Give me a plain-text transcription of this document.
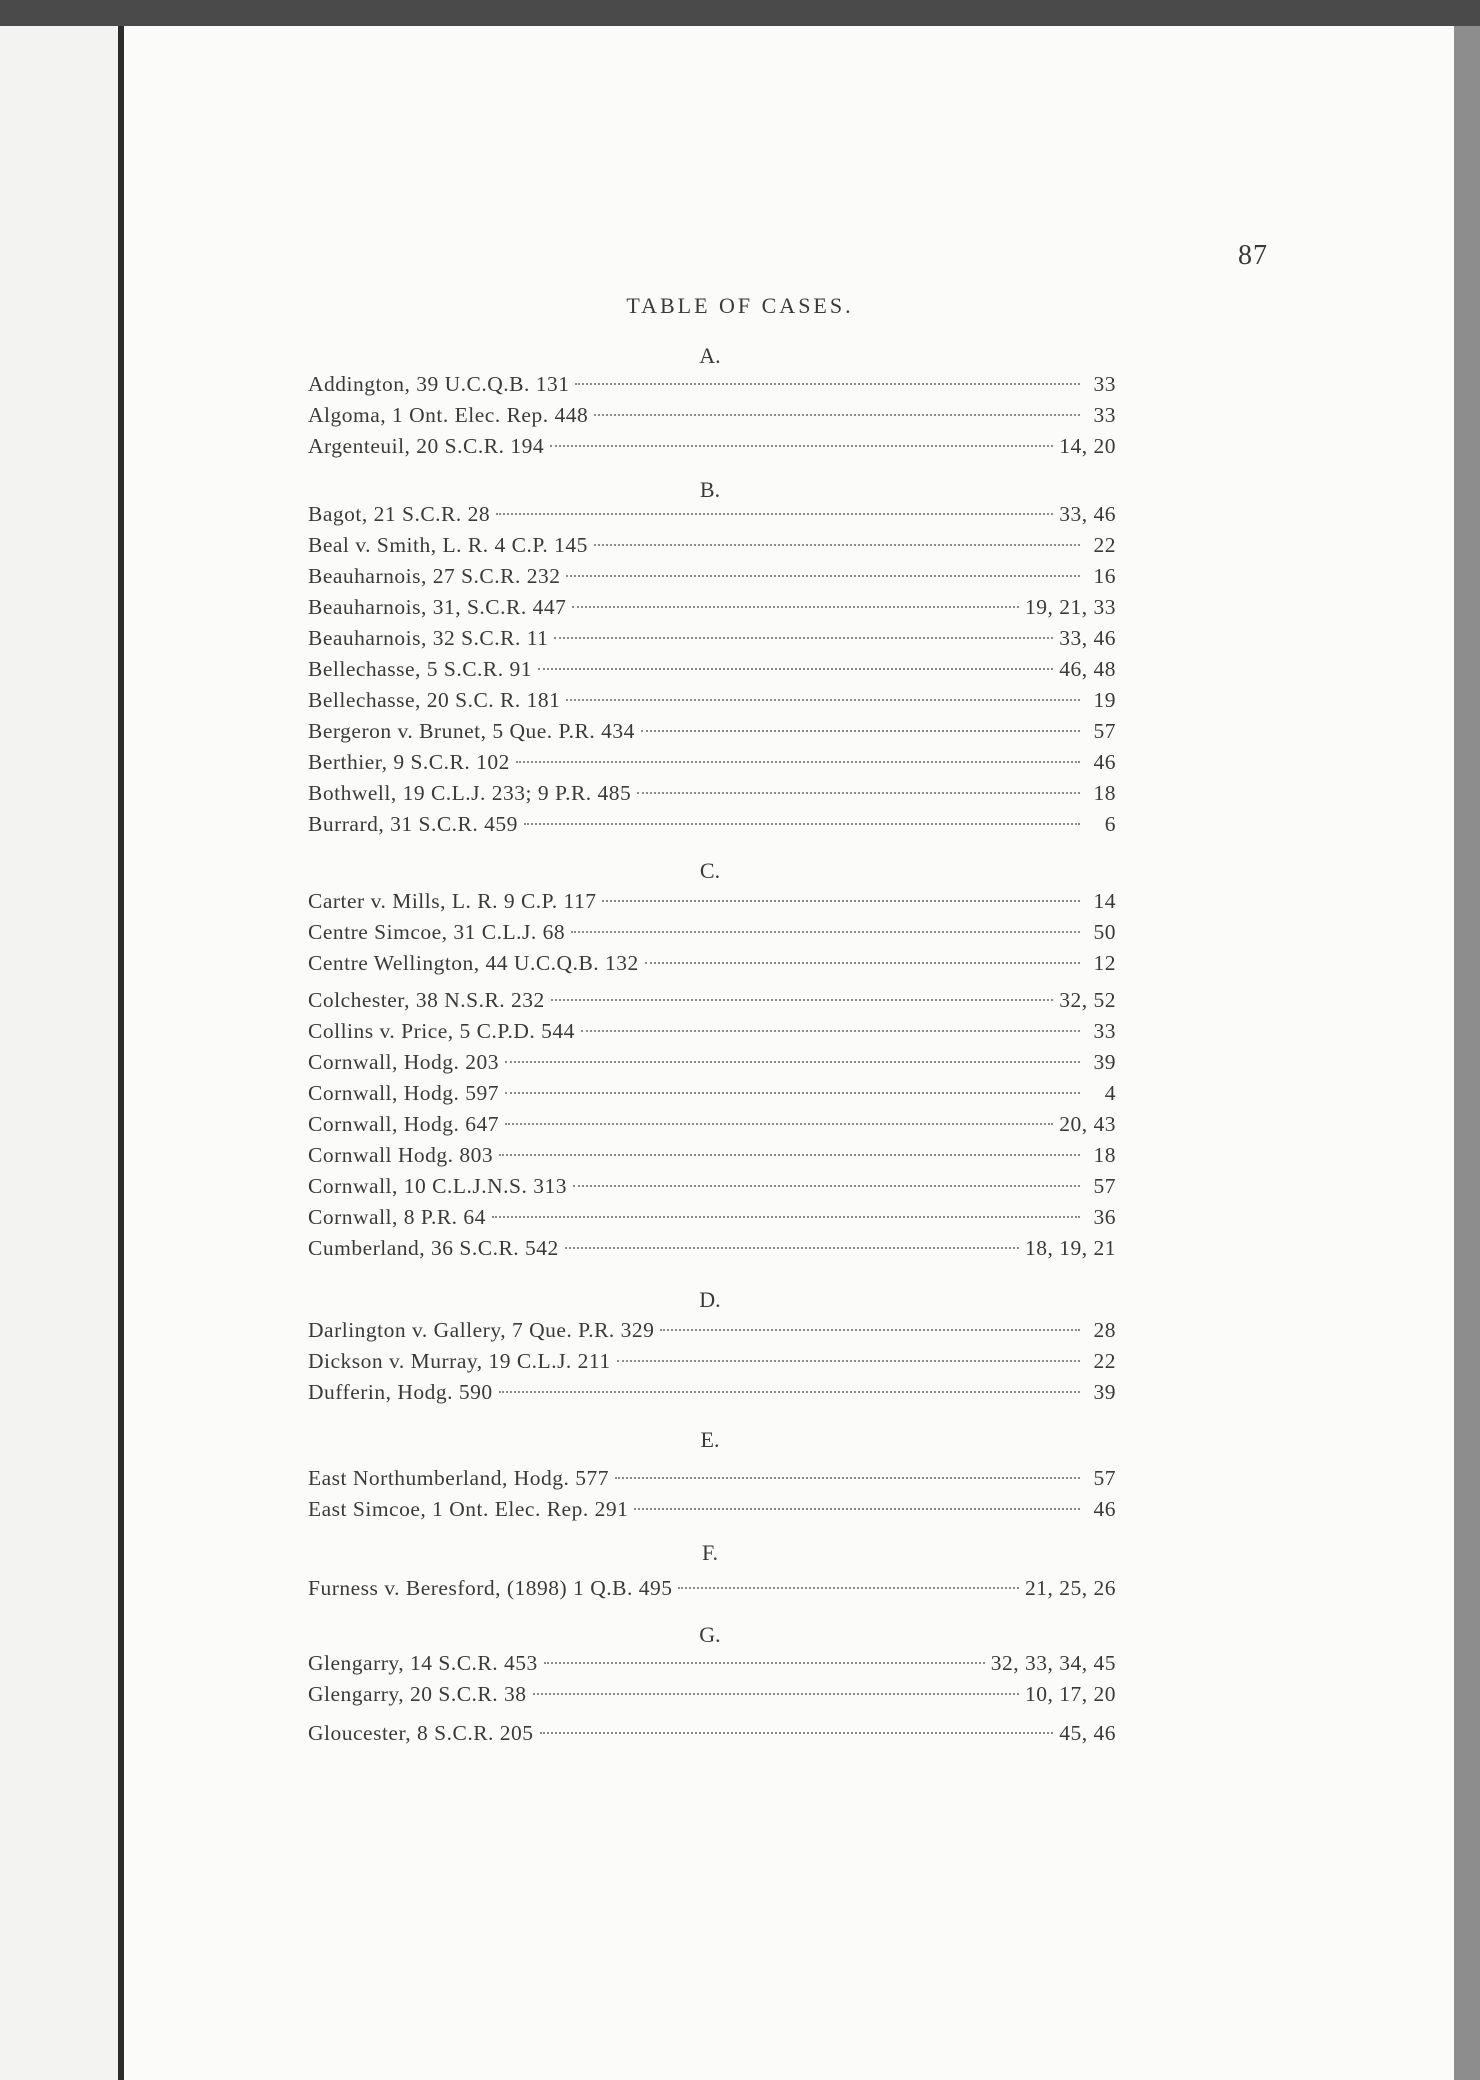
87
TABLE OF CASES.
A.
Addington, 39 U.C.Q.B. 131	33
Algoma, 1 Ont. Elec. Rep. 448	33
Argenteuil, 20 S.C.R. 194	14, 20
B.
Bagot, 21 S.C.R. 28	33, 46
Beal v. Smith, L. R. 4 C.P. 145	22
Beauharnois, 27 S.C.R. 232	16
Beauharnois, 31, S.C.R. 447	19, 21, 33
Beauharnois, 32 S.C.R. 11	33, 46
Bellechasse, 5 S.C.R. 91	46, 48
Bellechasse, 20 S.C. R. 181	19
Bergeron v. Brunet, 5 Que. P.R. 434	57
Berthier, 9 S.C.R. 102	46
Bothwell, 19 C.L.J. 233; 9 P.R. 485	18
Burrard, 31 S.C.R. 459	6
C.
Carter v. Mills, L. R. 9 C.P. 117	14
Centre Simcoe, 31 C.L.J. 68	50
Centre Wellington, 44 U.C.Q.B. 132	12
Colchester, 38 N.S.R. 232	32, 52
Collins v. Price, 5 C.P.D. 544	33
Cornwall, Hodg. 203	39
Cornwall, Hodg. 597	4
Cornwall, Hodg. 647	20, 43
Cornwall Hodg. 803	18
Cornwall, 10 C.L.J.N.S. 313	57
Cornwall, 8 P.R. 64	36
Cumberland, 36 S.C.R. 542	18, 19, 21
D.
Darlington v. Gallery, 7 Que. P.R. 329	28
Dickson v. Murray, 19 C.L.J. 211	22
Dufferin, Hodg. 590	39
E.
East Northumberland, Hodg. 577	57
East Simcoe, 1 Ont. Elec. Rep. 291	46
F.
Furness v. Beresford, (1898) 1 Q.B. 495	21, 25, 26
G.
Glengarry, 14 S.C.R. 453	32, 33, 34, 45
Glengarry, 20 S.C.R. 38	10, 17, 20
Gloucester, 8 S.C.R. 205	45, 46
